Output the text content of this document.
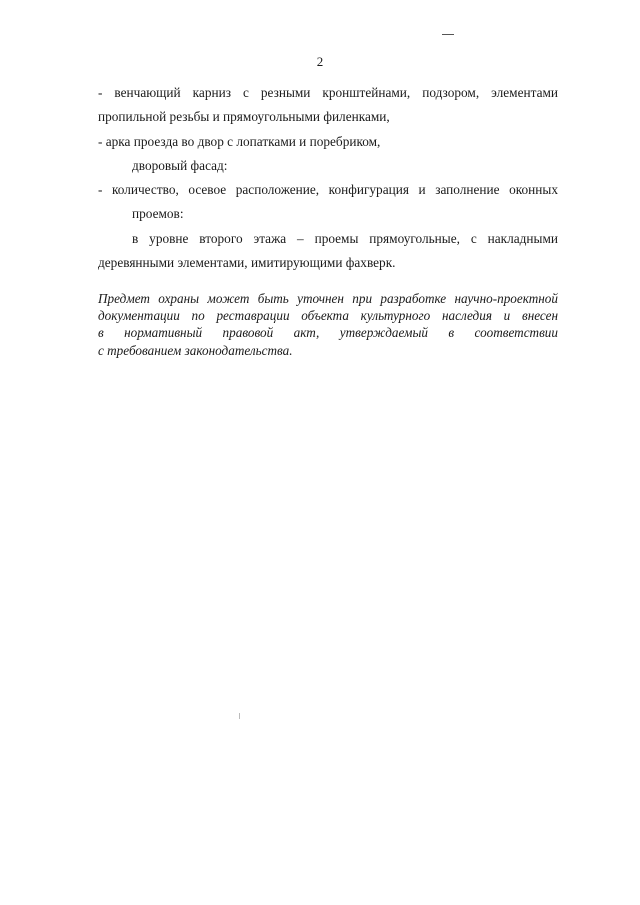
2

- венчающий карниз с резными кронштейнами, подзором, элементами

пропильной резьбы и прямоугольными филенками,

- арка проезда во двор с лопатками и поребриком,

дворовый фасад:

- количество, осевое расположение, конфигурация и заполнение оконных

проемов:

в уровне второго этажа – проемы прямоугольные, с накладными

деревянными элементами, имитирующими фахверк.

Предмет охраны может быть уточнен при разработке научно-проектной
документации по реставрации объекта культурного наследия и внесен
в нормативный правовой акт, утверждаемый в соответствии
с требованием законодательства.
